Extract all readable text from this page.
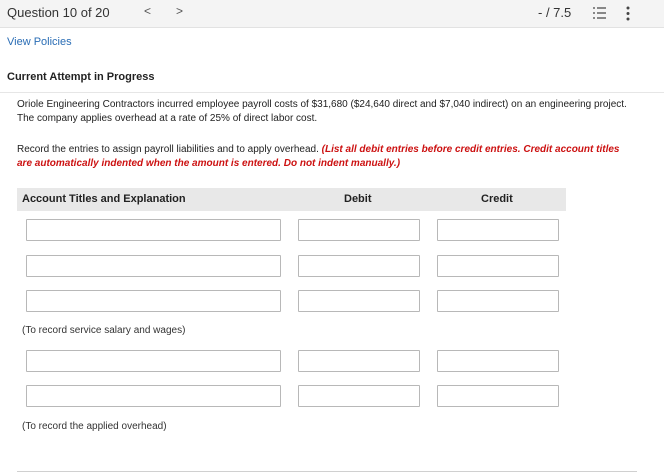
Question 10 of 20	< >	- / 7.5
View Policies
Current Attempt in Progress

Oriole Engineering Contractors incurred employee payroll costs of $31,680 ($24,640 direct and $7,040 indirect) on an engineering project. The company applies overhead at a rate of 25% of direct labor cost.

Record the entries to assign payroll liabilities and to apply overhead. (List all debit entries before credit entries. Credit account titles are automatically indented when the amount is entered. Do not indent manually.)

Account Titles and Explanation	Debit	Credit
(To record service salary and wages)
(To record the applied overhead)
